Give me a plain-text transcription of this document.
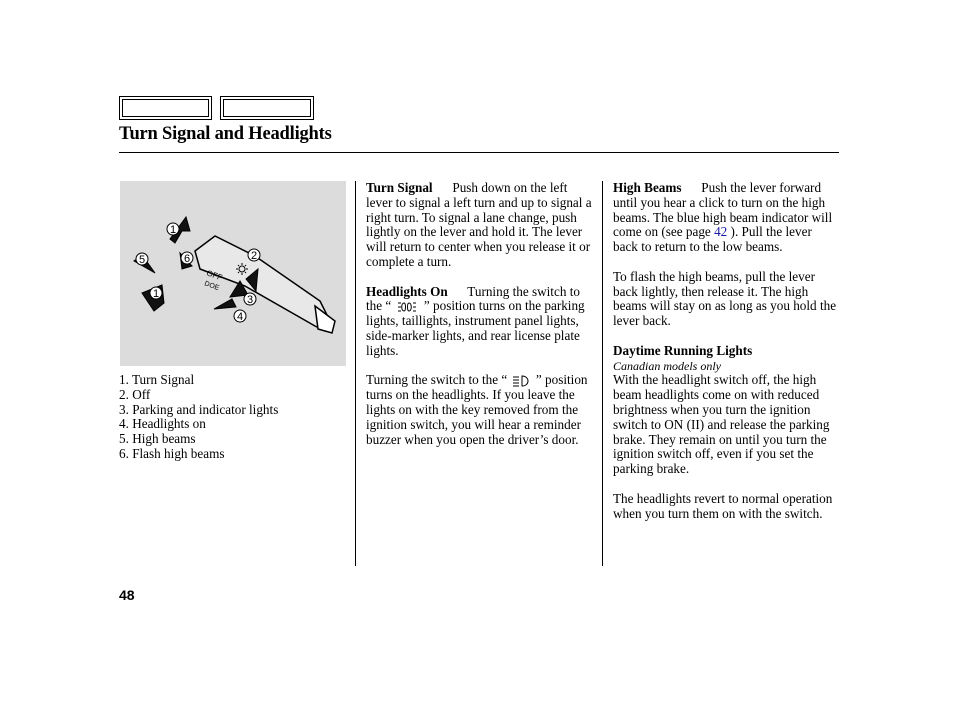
Turn Signal and Headlights
OFF
DOE
1
2
3
4
5	6
1
1. Turn Signal
2. Off
3. Parking and indicator lights
4. Headlights on
5. High beams
6. Flash high beams

Turn Signal Push down on the left lever to signal a left turn and up to signal a right turn. To signal a lane change, push lightly on the lever and hold it. The lever will return to center when you release it or complete a turn.

Headlights On Turning the switch to the “ ” position turns on the parking lights, taillights, instrument panel lights, side-marker lights, and rear license plate lights.

Turning the switch to the “ ” position turns on the headlights. If you leave the lights on with the key removed from the ignition switch, you will hear a reminder buzzer when you open the driver’s door.

High Beams Push the lever forward until you hear a click to turn on the high beams. The blue high beam indicator will come on (see page 42 ). Pull the lever back to return to the low beams.

To flash the high beams, pull the lever back lightly, then release it. The high beams will stay on as long as you hold the lever back.

Daytime Running Lights

Canadian models only

With the headlight switch off, the high beam headlights come on with reduced brightness when you turn the ignition switch to ON (II) and release the parking brake. They remain on until you turn the ignition switch off, even if you set the parking brake.

The headlights revert to normal operation when you turn them on with the switch.

48
